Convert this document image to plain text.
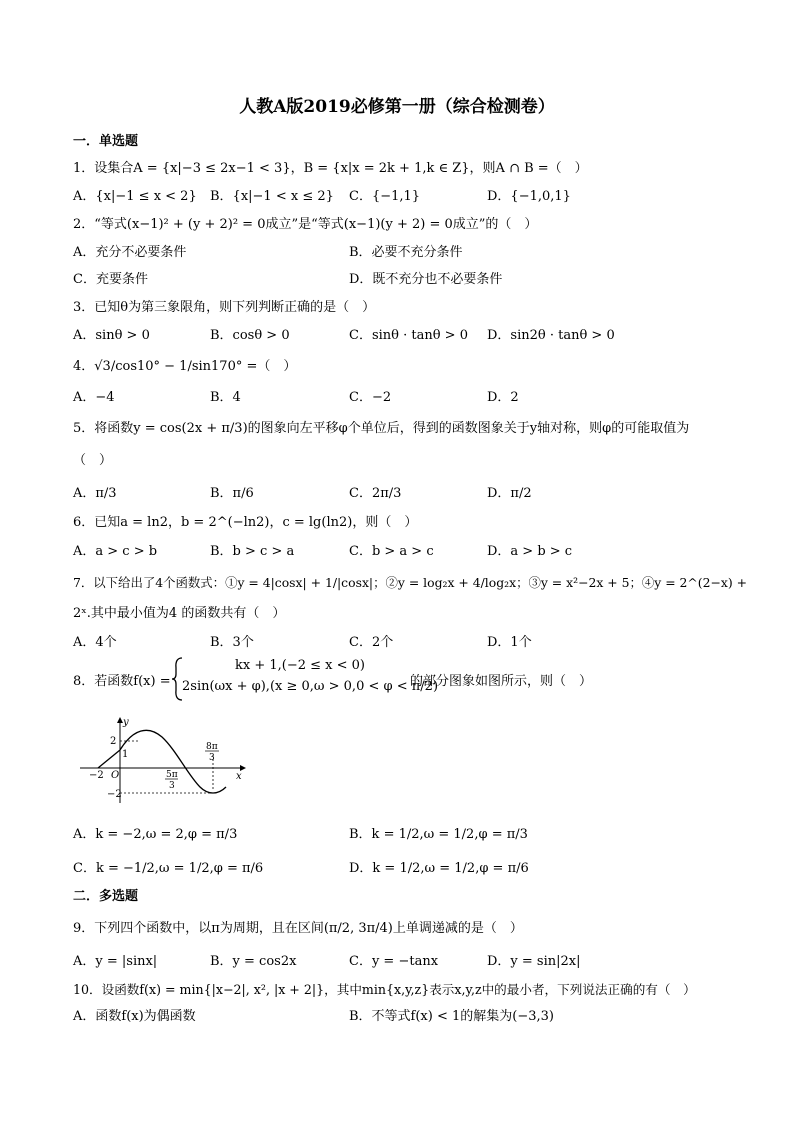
人教A版2019必修第一册（综合检测卷）
一．单选题
1．设集合A = {x|−3 ≤ 2x−1 < 3}，B = {x|x = 2k + 1,k ∈ Z}，则A ∩ B =（　）
A．{x|−1 ≤ x < 2} B．{x|−1 < x ≤ 2} C．{−1,1}	D．{−1,0,1}
2．“等式(x−1)² + (y + 2)² = 0成立”是“等式(x−1)(y + 2) = 0成立”的（　）
A．充分不必要条件	B．必要不充分条件
C．充要条件	D．既不充分也不必要条件
3．已知θ为第三象限角，则下列判断正确的是（　）
A．sinθ > 0	B．cosθ > 0	C．sinθ · tanθ > 0 D．sin2θ · tanθ > 0
4．√3/cos10° − 1/sin170° =（　）
A．−4	B．4	C．−2	D．2
5．将函数y = cos(2x + π/3)的图象向左平移φ个单位后，得到的函数图象关于y轴对称，则φ的可能取值为
（　）
A．π/3	B．π/6	C．2π/3	D．π/2
6．已知a = ln2，b = 2^(−ln2)，c = lg(ln2)，则（　）
A．a > c > b	B．b > c > a	C．b > a > c	D．a > b > c
7．以下给出了4个函数式：①y = 4|cosx| + 1/|cosx|；②y = log₂x + 4/log₂x；③y = x²−2x + 5；④y = 2^(2−x) +
2ˣ.其中最小值为4 的函数共有（　）
A．4个	B．3个	C．2个	D．1个
8．若函数f(x) =
kx + 1,(−2 ≤ x < 0)
2sin(ωx + φ),(x ≥ 0,ω > 0,0 < φ < π/2)
的部分图象如图所示，则（　）
y
x
O
2
1
−2
−2
5π
3
8π
3
A．k = −2,ω = 2,φ = π/3	B．k = 1/2,ω = 1/2,φ = π/3
C．k = −1/2,ω = 1/2,φ = π/6	D．k = 1/2,ω = 1/2,φ = π/6
二．多选题
9．下列四个函数中，以π为周期，且在区间(π/2, 3π/4)上单调递减的是（　）
A．y = |sinx|	B．y = cos2x	C．y = −tanx	D．y = sin|2x|
10．设函数f(x) = min{|x−2|, x², |x + 2|}，其中min{x,y,z}表示x,y,z中的最小者，下列说法正确的有（　）
A．函数f(x)为偶函数	B．不等式f(x) < 1的解集为(−3,3)
